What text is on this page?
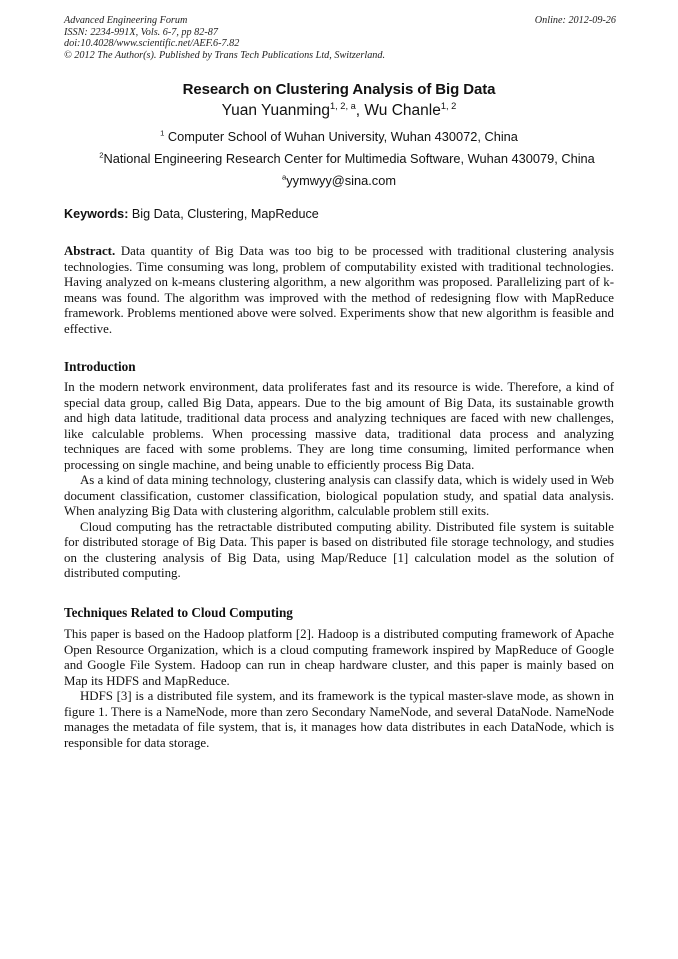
Advanced Engineering Forum	Online: 2012-09-26
ISSN: 2234-991X, Vols. 6-7, pp 82-87
doi:10.4028/www.scientific.net/AEF.6-7.82
© 2012 The Author(s). Published by Trans Tech Publications Ltd, Switzerland.
Research on Clustering Analysis of Big Data
Yuan Yuanming$^{1, 2, a}$, Wu Chanle$^{1, 2}$
$^1$ Computer School of Wuhan University, Wuhan 430072, China
$^2$National Engineering Research Center for Multimedia Software, Wuhan 430079, China
$^a$yymwyy@sina.com
Keywords: Big Data, Clustering, MapReduce

Abstract. Data quantity of Big Data was too big to be processed with traditional clustering analysis technologies. Time consuming was long, problem of computability existed with traditional technologies. Having analyzed on k-means clustering algorithm, a new algorithm was proposed. Parallelizing part of k-means was found. The algorithm was improved with the method of redesigning flow with MapReduce framework. Problems mentioned above were solved. Experiments show that new algorithm is feasible and effective.

Introduction

In the modern network environment, data proliferates fast and its resource is wide. Therefore, a kind of special data group, called Big Data, appears. Due to the big amount of Big Data, its sustainable growth and high data latitude, traditional data process and analyzing techniques are faced with new challenges, like calculable problems. When processing massive data, traditional data process and analyzing techniques are faced with some problems. They are long time consuming, limited performance when processing on single machine, and being unable to efficiently process Big Data.

As a kind of data mining technology, clustering analysis can classify data, which is widely used in Web document classification, customer classification, biological population study, and spatial data analysis. When analyzing Big Data with clustering algorithm, calculable problem still exits.

Cloud computing has the retractable distributed computing ability. Distributed file system is suitable for distributed storage of Big Data. This paper is based on distributed file storage technology, and studies on the clustering analysis of Big Data, using Map/Reduce [1] calculation model as the solution of distributed computing.

Techniques Related to Cloud Computing

This paper is based on the Hadoop platform [2]. Hadoop is a distributed computing framework of Apache Open Resource Organization, which is a cloud computing framework inspired by MapReduce of Google and Google File System. Hadoop can run in cheap hardware cluster, and this paper is mainly based on Map its HDFS and MapReduce.

HDFS [3] is a distributed file system, and its framework is the typical master-slave mode, as shown in figure 1. There is a NameNode, more than zero Secondary NameNode, and several DataNode. NameNode manages the metadata of file system, that is, it manages how data distributes in each DataNode, which is responsible for data storage.
